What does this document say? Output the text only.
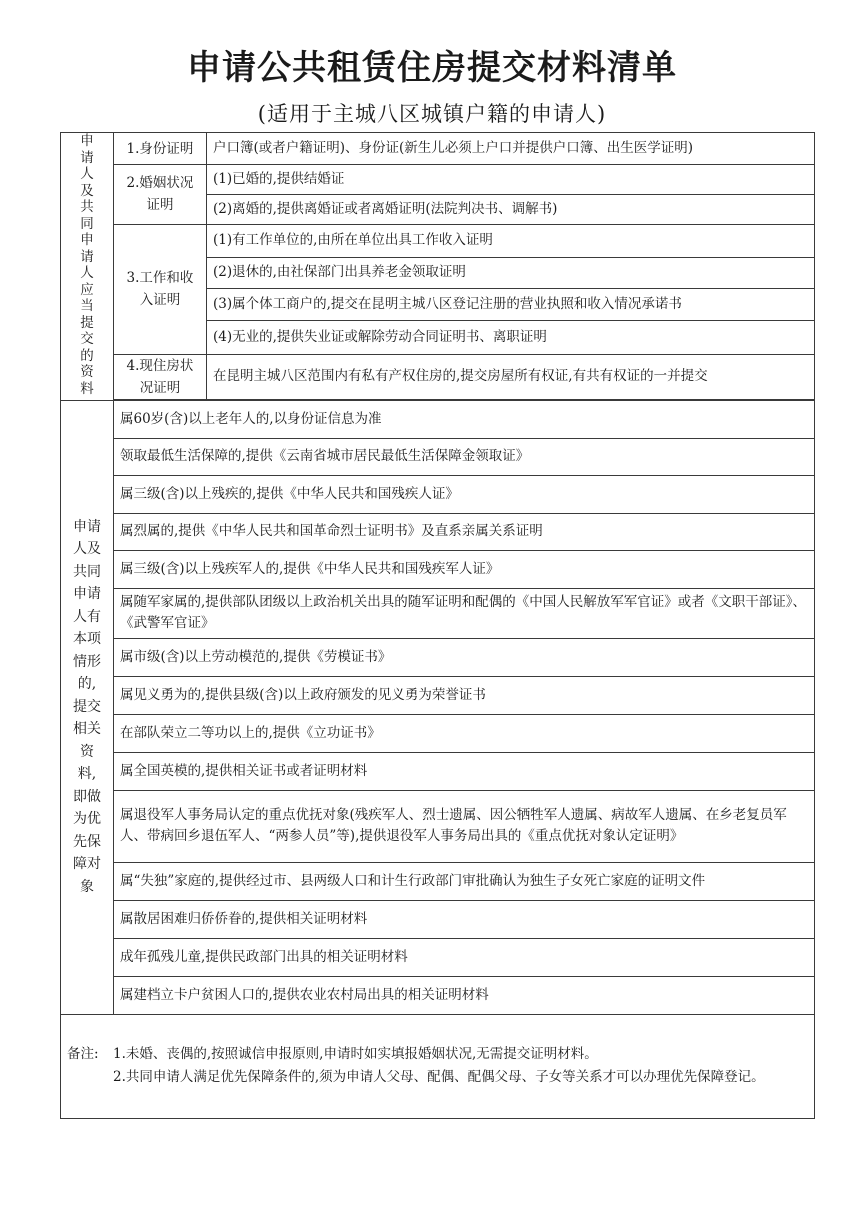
申请公共租赁住房提交材料清单
(适用于主城八区城镇户籍的申请人)
申请人及共同申请人应当提交的资料	1.身份证明	户口簿(或者户籍证明)、身份证(新生儿必须上户口并提供户口簿、出生医学证明)
	2.婚姻状况证明	(1)已婚的,提供结婚证
		(2)离婚的,提供离婚证或者离婚证明(法院判决书、调解书)
	3.工作和收入证明	(1)有工作单位的,由所在单位出具工作收入证明
		(2)退休的,由社保部门出具养老金领取证明
		(3)属个体工商户的,提交在昆明主城八区登记注册的营业执照和收入情况承诺书
		(4)无业的,提供失业证或解除劳动合同证明书、离职证明
	4.现住房状况证明	在昆明主城八区范围内有私有产权住房的,提交房屋所有权证,有共有权证的一并提交

申请人及共同申请人有本项情形的,提交相关资料,即做为优先保障对象	属60岁(含)以上老年人的,以身份证信息为准	
	领取最低生活保障的,提供《云南省城市居民最低生活保障金领取证》	
	属三级(含)以上残疾的,提供《中华人民共和国残疾人证》	
	属烈属的,提供《中华人民共和国革命烈士证明书》及直系亲属关系证明	
	属三级(含)以上残疾军人的,提供《中华人民共和国残疾军人证》	
	属随军家属的,提供部队团级以上政治机关出具的随军证明和配偶的《中国人民解放军军官证》或者《文职干部证》、《武警军官证》	
	属市级(含)以上劳动模范的,提供《劳模证书》	
	属见义勇为的,提供县级(含)以上政府颁发的见义勇为荣誉证书	
	在部队荣立二等功以上的,提供《立功证书》	
	属全国英模的,提供相关证书或者证明材料	
	属退役军人事务局认定的重点优抚对象(残疾军人、烈士遗属、因公牺牲军人遗属、病故军人遗属、在乡老复员军人、带病回乡退伍军人、“两参人员”等),提供退役军人事务局出具的《重点优抚对象认定证明》	
	属“失独”家庭的,提供经过市、县两级人口和计生行政部门审批确认为独生子女死亡家庭的证明文件	
	属散居困难归侨侨眷的,提供相关证明材料	
	成年孤残儿童,提供民政部门出具的相关证明材料	
	属建档立卡户贫困人口的,提供农业农村局出具的相关证明材料	

备注: 1.未婚、丧偶的,按照诚信申报原则,申请时如实填报婚姻状况,无需提交证明材料。
2.共同申请人满足优先保障条件的,须为申请人父母、配偶、配偶父母、子女等关系才可以办理优先保障登记。		
